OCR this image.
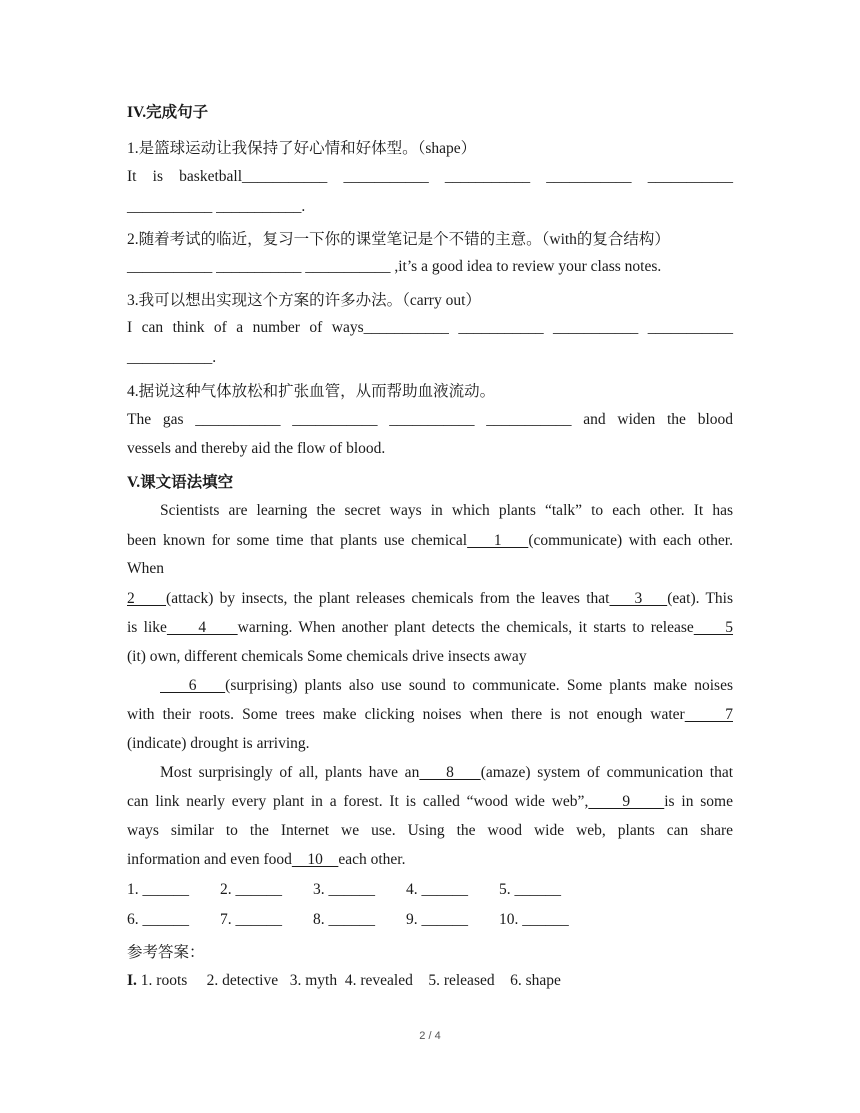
IV.完成句子
1.是篮球运动让我保持了好心情和好体型。（shape）
It is basketball___________ ___________ ___________ ___________ ___________
___________ ___________.
2.随着考试的临近，复习一下你的课堂笔记是个不错的主意。（with的复合结构）
___________ ___________ ___________ ,it’s a good idea to review your class notes.
3.我可以想出实现这个方案的许多办法。（carry out）
I can think of a number of ways___________ ___________ ___________ ___________
___________.
4.据说这种气体放松和扩张血管，从而帮助血液流动。
The gas ___________ ___________ ___________ ___________ and widen the blood
vessels and thereby aid the flow of blood.
V.课文语法填空
Scientists are learning the secret ways in which plants “talk” to each other. It has
been known for some time that plants use chemical    1    (communicate) with each other.
When
2     (attack) by insects, the plant releases chemicals from the leaves that    3    (eat). This
is like     4     warning. When another plant detects the chemicals, it starts to release     5
(it) own, different chemicals Some chemicals drive insects away
6    (surprising) plants also use sound to communicate. Some plants make noises
with their roots. Some trees make clicking noises when there is not enough water     7
(indicate) drought is arriving.
Most surprisingly of all, plants have an    8    (amaze) system of communication that
can link nearly every plant in a forest. It is called “wood wide web”,     9     is in some
ways similar to the Internet we use. Using the wood wide web, plants can share
information and even food    10    each other.
1. ______ 2. ______ 3. ______ 4. ______ 5. ______
6. ______ 7. ______ 8. ______ 9. ______ 10. ______
参考答案：
I. 1. roots     2. detective   3. myth  4. revealed    5. released    6. shape
2 / 4
